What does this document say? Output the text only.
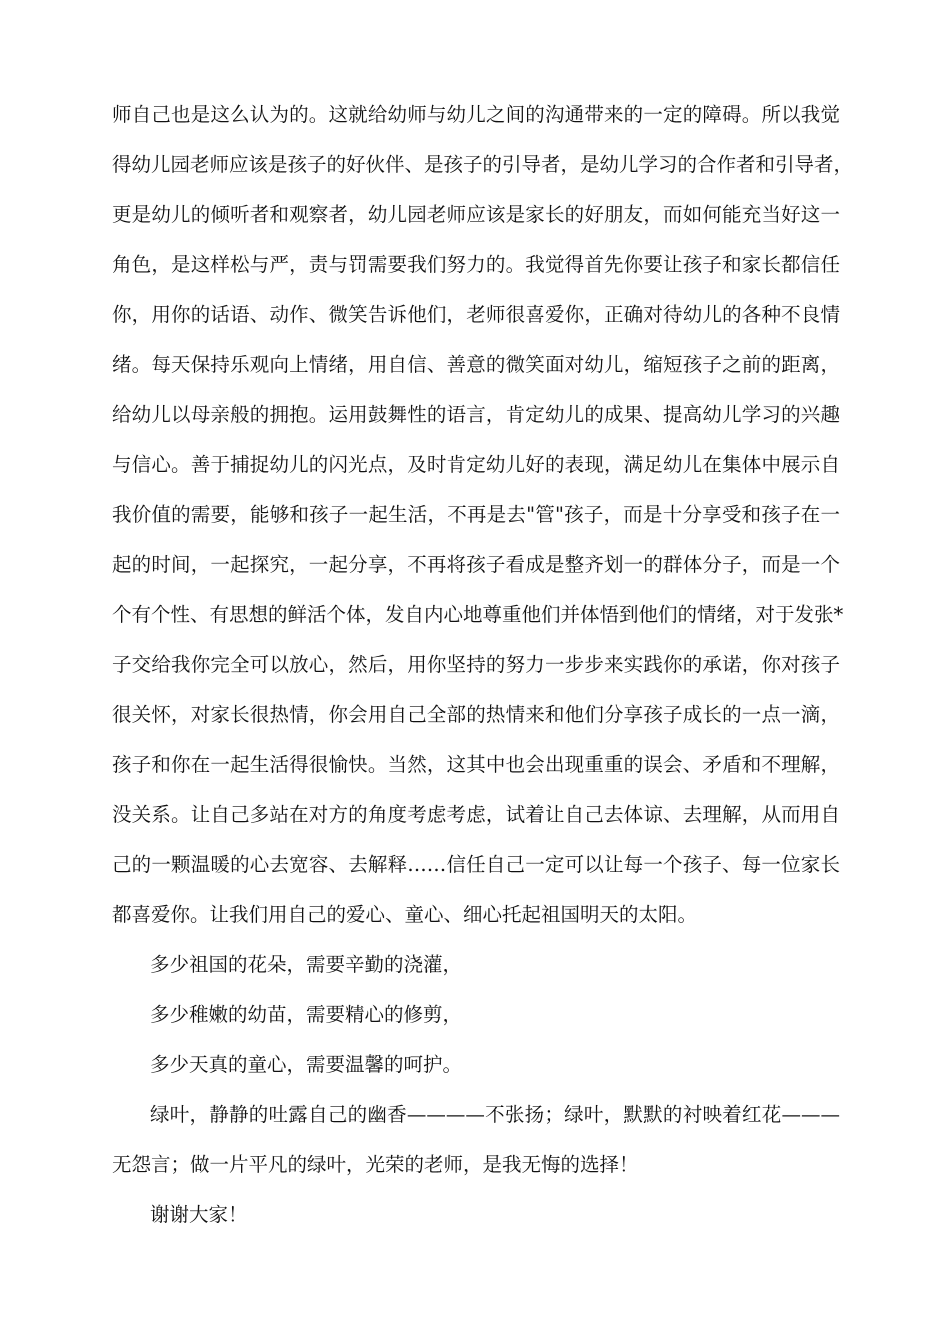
师自己也是这么认为的。这就给幼师与幼儿之间的沟通带来的一定的障碍。所以我觉
得幼儿园老师应该是孩子的好伙伴、是孩子的引导者，是幼儿学习的合作者和引导者，
更是幼儿的倾听者和观察者，幼儿园老师应该是家长的好朋友，而如何能充当好这一
角色，是这样松与严，责与罚需要我们努力的。我觉得首先你要让孩子和家长都信任
你，用你的话语、动作、微笑告诉他们，老师很喜爱你，正确对待幼儿的各种不良情
绪。每天保持乐观向上情绪，用自信、善意的微笑面对幼儿，缩短孩子之前的距离，
给幼儿以母亲般的拥抱。运用鼓舞性的语言，肯定幼儿的成果、提高幼儿学习的兴趣
与信心。善于捕捉幼儿的闪光点，及时肯定幼儿好的表现，满足幼儿在集体中展示自
我价值的需要，能够和孩子一起生活，不再是去"管"孩子，而是十分享受和孩子在一
起的时间，一起探究，一起分享，不再将孩子看成是整齐划一的群体分子，而是一个
个有个性、有思想的鲜活个体，发自内心地尊重他们并体悟到他们的情绪，对于发张*
子交给我你完全可以放心，然后，用你坚持的努力一步步来实践你的承诺，你对孩子
很关怀，对家长很热情，你会用自己全部的热情来和他们分享孩子成长的一点一滴，
孩子和你在一起生活得很愉快。当然，这其中也会出现重重的误会、矛盾和不理解，
没关系。让自己多站在对方的角度考虑考虑，试着让自己去体谅、去理解，从而用自
己的一颗温暖的心去宽容、去解释……信任自己一定可以让每一个孩子、每一位家长
都喜爱你。让我们用自己的爱心、童心、细心托起祖国明天的太阳。
多少祖国的花朵，需要辛勤的浇灌，
多少稚嫩的幼苗，需要精心的修剪，
多少天真的童心，需要温馨的呵护。
绿叶，静静的吐露自己的幽香————不张扬；绿叶，默默的衬映着红花———
无怨言；做一片平凡的绿叶，光荣的老师，是我无悔的选择！
谢谢大家！
